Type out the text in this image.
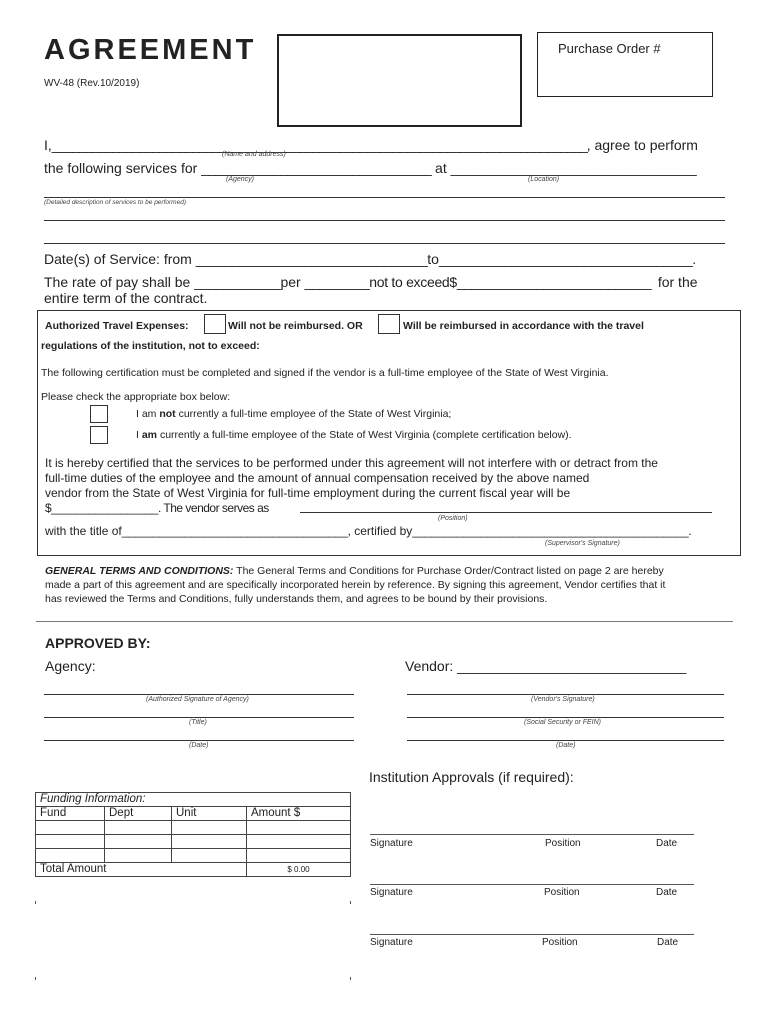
AGREEMENT
WV-48 (Rev.10/2019)
Purchase Order #
I,________________________________________________________________________________, agree to perform
(Name and address)
the following services for ________________________________ at ________________________________
(Agency)	(Location)
(Detailed description of services to be performed)
Date(s) of Service: from ________________________________to___________________________________.
The rate of pay shall be ____________per _________not to exceed$___________________________ for the
entire term of the contract.
Authorized Travel Expenses:	Will not be reimbursed. OR	Will be reimbursed in accordance with the travel
regulations of the institution, not to exceed:
The following certification must be completed and signed if the vendor is a full-time employee of the State of West Virginia.
Please check the appropriate box below:
I am not currently a full-time employee of the State of West Virginia;
I am currently a full-time employee of the State of West Virginia (complete certification below).
It is hereby certified that the services to be performed under this agreement will not interfere with or detract from the
full-time duties of the employee and the amount of annual compensation received by the above named
vendor from the State of West Virginia for full-time employment during the current fiscal year will be
$_________________. The vendor serves as
(Position)
with the title of____________________________________, certified by____________________________________________.
(Supervisor's Signature)
GENERAL TERMS AND CONDITIONS: The General Terms and Conditions for Purchase Order/Contract listed on page 2 are hereby
made a part of this agreement and are specifically incorporated herein by reference. By signing this agreement, Vendor certifies that it
has reviewed the Terms and Conditions, fully understands them, and agrees to be bound by their provisions.
APPROVED BY:
Agency:	Vendor: ______________________________
(Authorized Signature of Agency)
(Title)
(Date)
(Vendor's Signature)
(Social Security or FEIN)
(Date)
Funding Information:			
Fund	Dept	Unit	Amount $

Total Amount			$ 0.00
Institution Approvals (if required):
Signature	Position	Date
Signature	Position	Date
Signature	Position	Date
